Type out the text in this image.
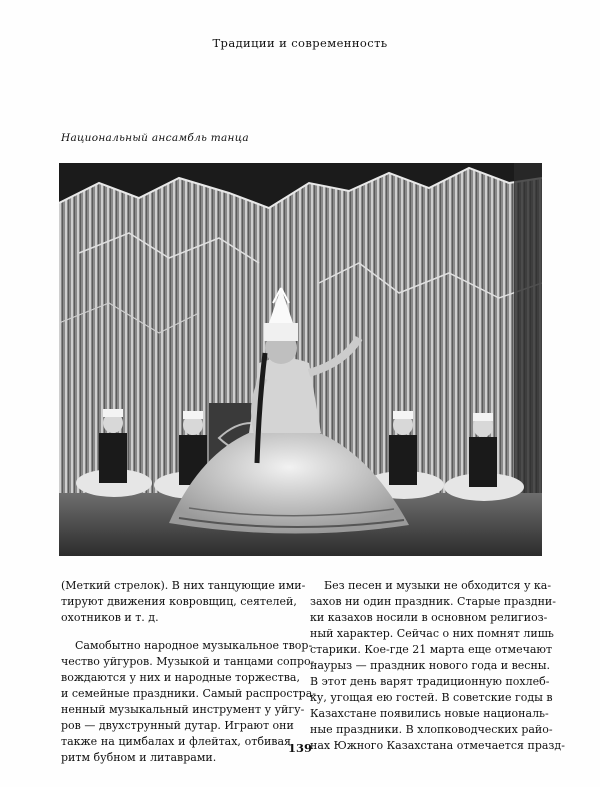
Традиции и современность
Национальный ансамбль танца
(Меткий стрелок). В них танцующие ими-
тируют движения ковровщиц, сеятелей,
охотников и т. д.
Самобытно народное музыкальное твор-
чество уйгуров. Музыкой и танцами сопро-
вождаются у них и народные торжества,
и семейные праздники. Самый распростра-
ненный музыкальный инструмент у уйгу-
ров — двухструнный дутар. Играют они
также на цимбалах и флейтах, отбивая
ритм бубном и литаврами.
Без песен и музыки не обходится у ка-
захов ни один праздник. Старые праздни-
ки казахов носили в основном религиоз-
ный характер. Сейчас о них помнят лишь
старики. Кое-где 21 марта еще отмечают
наурыз — праздник нового года и весны.
В этот день варят традиционную похлеб-
ку, угощая ею гостей. В советские годы в
Казахстане появились новые националь-
ные праздники. В хлопководческих райо-
нах Южного Казахстана отмечается празд-
139
